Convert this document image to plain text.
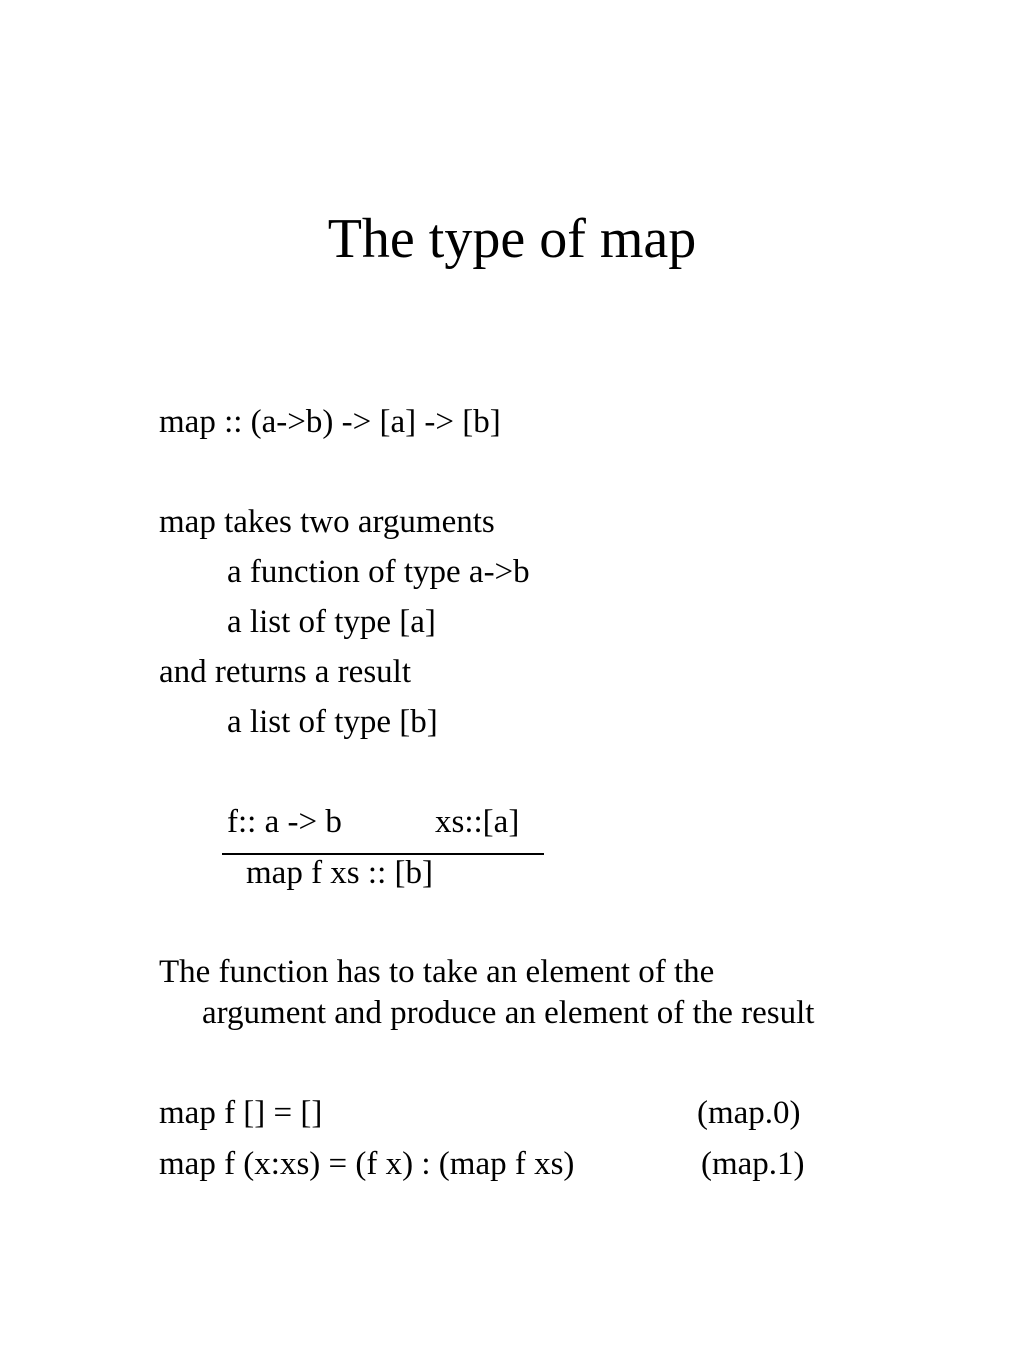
The type of map
map :: (a->b) -> [a] -> [b]
map takes two arguments
a function of type a->b
a list of type [a]
and returns a result
a list of type [b]
f:: a -> b	xs::[a]
map f xs :: [b]
The function has to take an element of the
argument and produce an element of the result
map f [] = []	(map.0)
map f (x:xs) = (f x) : (map f xs)	(map.1)
